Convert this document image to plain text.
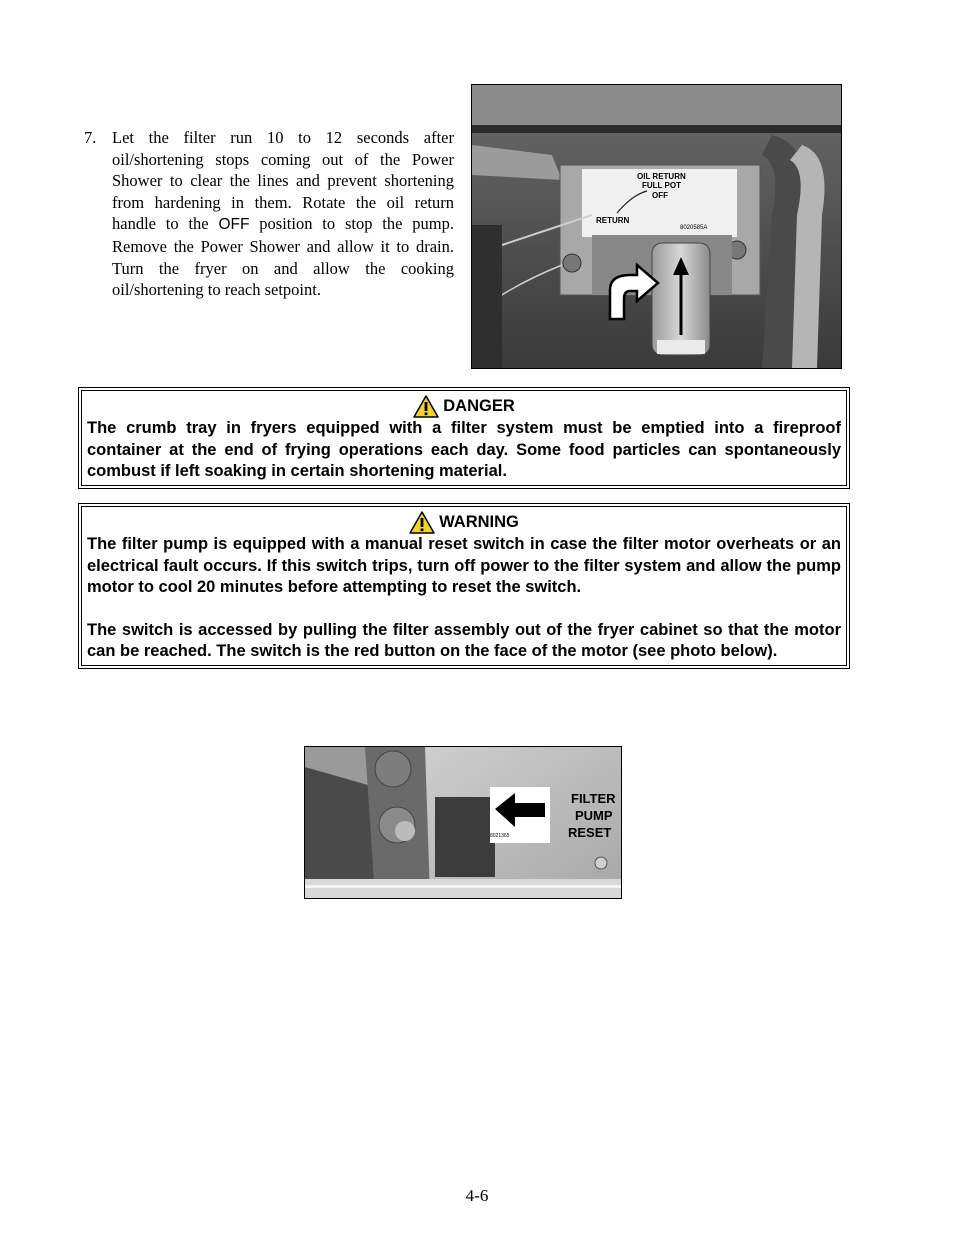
7. Let the filter run 10 to 12 seconds after oil/shortening stops coming out of the Power Shower to clear the lines and prevent shortening from hardening in them. Rotate the oil return handle to the OFF position to stop the pump. Remove the Power Shower and allow it to drain. Turn the fryer on and allow the cooking oil/shortening to reach setpoint.
OIL RETURN
FULL POT
OFF
RETURN
8020585A
DANGER
The crumb tray in fryers equipped with a filter system must be emptied into a fireproof container at the end of frying operations each day. Some food particles can spontaneously combust if left soaking in certain shortening material.
WARNING
The filter pump is equipped with a manual reset switch in case the filter motor overheats or an electrical fault occurs. If this switch trips, turn off power to the filter system and allow the pump motor to cool 20 minutes before attempting to reset the switch.
The switch is accessed by pulling the filter assembly out of the fryer cabinet so that the motor can be reached. The switch is the red button on the face of the motor (see photo below).
8021365
FILTER
PUMP
RESET
4-6
